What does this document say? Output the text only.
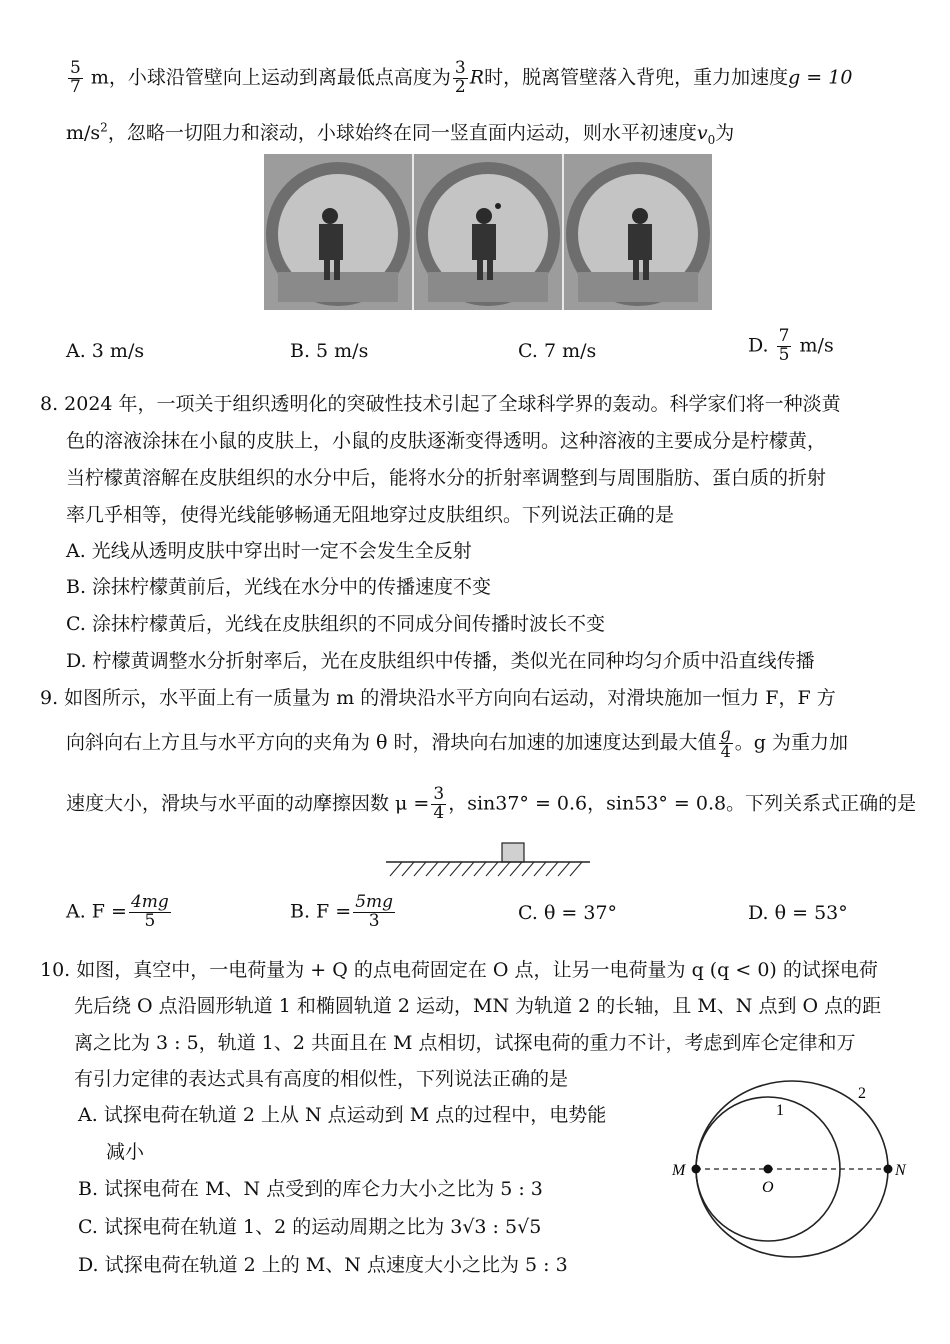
$\frac{5}{7}$ m，小球沿管壁向上运动到离最低点高度为 $\frac{3}{2}$ R时，脱离管壁落入背兜，重力加速度g = 10
$m/s^2$，忽略一切阻力和滚动，小球始终在同一竖直面内运动，则水平初速度$v_0$为
A. 3 m/s	B. 5 m/s	C. 7 m/s	D. $\frac{7}{5} m/s$
8. 2024 年，一项关于组织透明化的突破性技术引起了全球科学界的轰动。科学家们将一种淡黄
色的溶液涂抹在小鼠的皮肤上，小鼠的皮肤逐渐变得透明。这种溶液的主要成分是柠檬黄，
当柠檬黄溶解在皮肤组织的水分中后，能将水分的折射率调整到与周围脂肪、蛋白质的折射
率几乎相等，使得光线能够畅通无阻地穿过皮肤组织。下列说法正确的是
A. 光线从透明皮肤中穿出时一定不会发生全反射
B. 涂抹柠檬黄前后，光线在水分中的传播速度不变
C. 涂抹柠檬黄后，光线在皮肤组织的不同成分间传播时波长不变
D. 柠檬黄调整水分折射率后，光在皮肤组织中传播，类似光在同种均匀介质中沿直线传播
9. 如图所示，水平面上有一质量为 m 的滑块沿水平方向向右运动，对滑块施加一恒力 F，F 方
向斜向右上方且与水平方向的夹角为 θ 时，滑块向右加速的加速度达到最大值 $\frac{g}{4}$ 。g 为重力加
速度大小，滑块与水平面的动摩擦因数 $\mu = \frac{3}{4}$ ，sin37° = 0.6，sin53° = 0.8。下列关系式正确的是
A. $F = \frac{4mg}{5}$	B. $F = \frac{5mg}{3}$	C. θ = 37°	D. θ = 53°
10. 如图，真空中，一电荷量为 + Q 的点电荷固定在 O 点，让另一电荷量为 q (q < 0) 的试探电荷
先后绕 O 点沿圆形轨道 1 和椭圆轨道 2 运动，MN 为轨道 2 的长轴，且 M、N 点到 O 点的距
离之比为 3 : 5，轨道 1、2 共面且在 M 点相切，试探电荷的重力不计，考虑到库仑定律和万
有引力定律的表达式具有高度的相似性，下列说法正确的是
A. 试探电荷在轨道 2 上从 N 点运动到 M 点的过程中，电势能
减小
B. 试探电荷在 M、N 点受到的库仑力大小之比为 5 : 3
C. 试探电荷在轨道 1、2 的运动周期之比为 3√3 : 5√5
D. 试探电荷在轨道 2 上的 M、N 点速度大小之比为 5 : 3
1
2
M
O
N
